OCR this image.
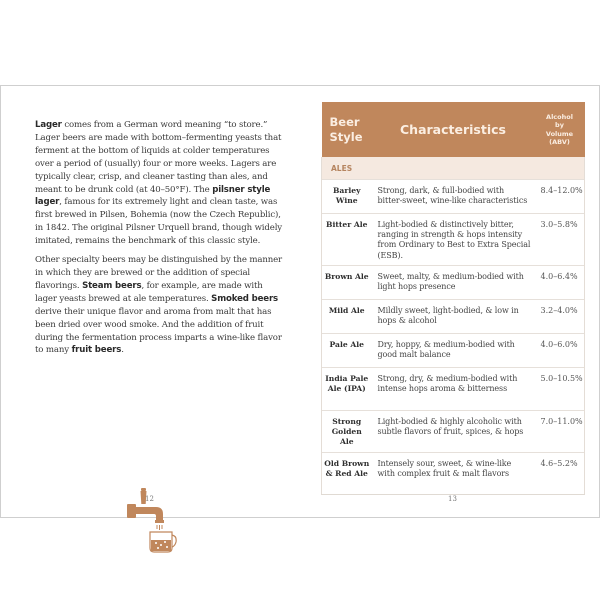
Lager comes from a German word meaning “to store.” Lager beers are made with bottom–fermenting yeasts that ferment at the bottom of liquids at colder temperatures over a period of (usually) four or more weeks. Lagers are typically clear, crisp, and cleaner tasting than ales, and meant to be drunk cold (at 40–50°F). The pilsner style lager, famous for its extremely light and clean taste, was first brewed in Pilsen, Bohemia (now the Czech Republic), in 1842. The original Pilsner Urquell brand, though widely imitated, remains the benchmark of this classic style.

Other specialty beers may be distinguished by the manner in which they are brewed or the addition of special flavorings. Steam beers, for example, are made with lager yeasts brewed at ale temperatures. Smoked beers derive their unique flavor and aroma from malt that has been dried over wood smoke. And the addition of fruit during the fermentation process imparts a wine-like flavor to many fruit beers.

12
Beer Style	Characteristics	Alcohol
by
Volume
(ABV)

ALES		
Barley Wine	Strong, dark, & full-bodied with bitter-sweet, wine-like characteristics	8.4–12.0%
Bitter Ale	Light-bodied & distinctively bitter, ranging in strength & hops intensity from Ordinary to Best to Extra Special (ESB).	3.0–5.8%
Brown Ale	Sweet, malty, & medium-bodied with light hops presence	4.0–6.4%
Mild Ale	Mildly sweet, light-bodied, & low in hops & alcohol	3.2–4.0%
Pale Ale	Dry, hoppy, & medium-bodied with good malt balance	4.0–6.0%
India Pale Ale (IPA)	Strong, dry, & medium-bodied with intense hops aroma & bitterness	5.0–10.5%
Strong Golden Ale	Light-bodied & highly alcoholic with subtle flavors of fruit, spices, & hops	7.0–11.0%
Old Brown & Red Ale	Intensely sour, sweet, & wine-like with complex fruit & malt flavors	4.6–5.2%
13
